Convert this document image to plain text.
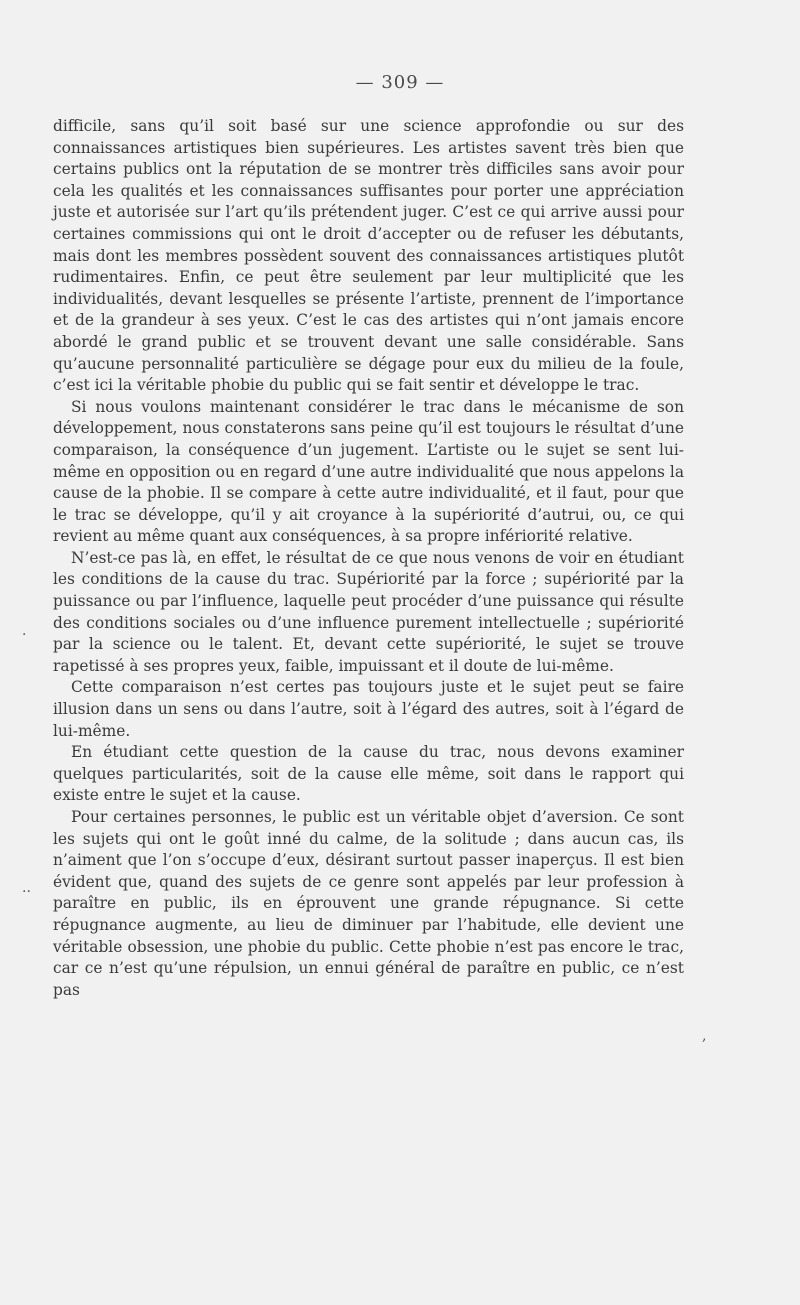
— 309 —

difficile, sans qu’il soit basé sur une science approfondie ou sur des connaissances artistiques bien supérieures. Les artistes savent très bien que certains publics ont la réputation de se montrer très difficiles sans avoir pour cela les qualités et les connaissances suffisantes pour porter une appréciation juste et autorisée sur l’art qu’ils prétendent juger. C’est ce qui arrive aussi pour certaines commissions qui ont le droit d’accepter ou de refuser les débutants, mais dont les membres possèdent souvent des connaissances artistiques plutôt rudimentaires. Enfin, ce peut être seulement par leur multiplicité que les individualités, devant lesquelles se présente l’artiste, prennent de l’importance et de la grandeur à ses yeux. C’est le cas des artistes qui n’ont jamais encore abordé le grand public et se trouvent devant une salle considérable. Sans qu’aucune personnalité particulière se dégage pour eux du milieu de la foule, c’est ici la véritable phobie du public qui se fait sentir et développe le trac.

Si nous voulons maintenant considérer le trac dans le mécanisme de son développement, nous constaterons sans peine qu’il est toujours le résultat d’une comparaison, la conséquence d’un jugement. L’artiste ou le sujet se sent lui-même en opposition ou en regard d’une autre individualité que nous appelons la cause de la phobie. Il se compare à cette autre individualité, et il faut, pour que le trac se développe, qu’il y ait croyance à la supériorité d’autrui, ou, ce qui revient au même quant aux conséquences, à sa propre infériorité relative.

N’est-ce pas là, en effet, le résultat de ce que nous venons de voir en étudiant les conditions de la cause du trac. Supériorité par la force ; supériorité par la puissance ou par l’influence, laquelle peut procéder d’une puissance qui résulte des conditions sociales ou d’une influence purement intellectuelle ; supériorité par la science ou le talent. Et, devant cette supériorité, le sujet se trouve rapetissé à ses propres yeux, faible, impuissant et il doute de lui-même.

Cette comparaison n’est certes pas toujours juste et le sujet peut se faire illusion dans un sens ou dans l’autre, soit à l’égard des autres, soit à l’égard de lui-même.

En étudiant cette question de la cause du trac, nous devons examiner quelques particularités, soit de la cause elle même, soit dans le rapport qui existe entre le sujet et la cause.

Pour certaines personnes, le public est un véritable objet d’aversion. Ce sont les sujets qui ont le goût inné du calme, de la solitude ; dans aucun cas, ils n’aiment que l’on s’occupe d’eux, désirant surtout passer inaperçus. Il est bien évident que, quand des sujets de ce genre sont appelés par leur profession à paraître en public, ils en éprouvent une grande répugnance. Si cette répugnance augmente, au lieu de diminuer par l’habitude, elle devient une véritable obsession, une phobie du public. Cette phobie n’est pas encore le trac, car ce n’est qu’une répulsion, un ennui général de paraître en public, ce n’est pas

·
..
,
